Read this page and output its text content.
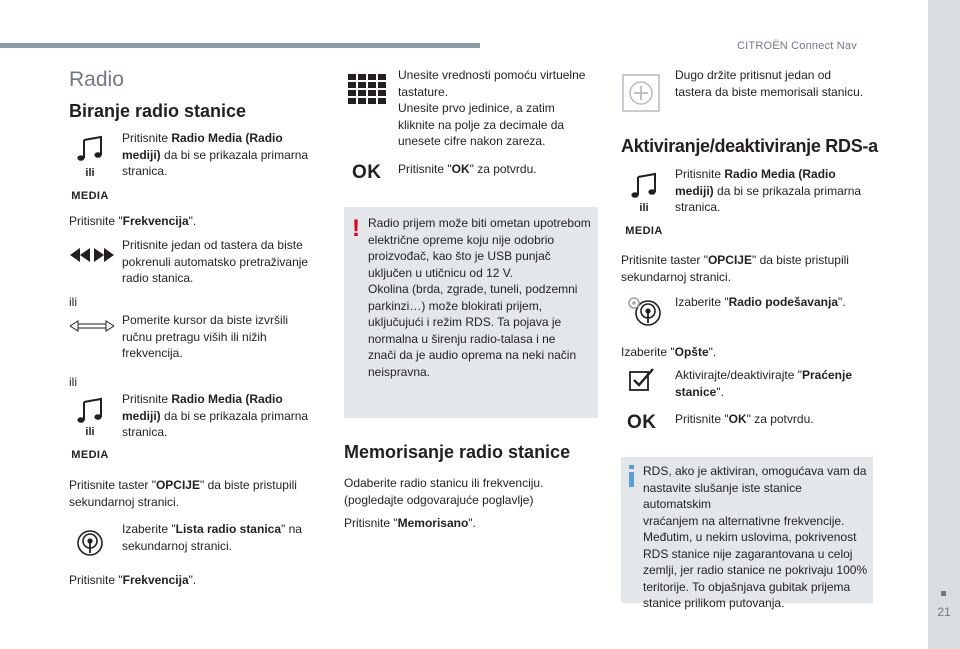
CITROËN Connect Nav
21
Radio
Biranje radio stanice
ili
MEDIA
Pritisnite Radio Media (Radio
mediji) da bi se prikazala primarna
stranica.
Pritisnite "Frekvencija".
Pritisnite jedan od tastera da biste
pokrenuli automatsko pretraživanje
radio stanica.
ili
Pomerite kursor da biste izvršili
ručnu pretragu viših ili nižih
frekvencija.
ili
ili
MEDIA
Pritisnite Radio Media (Radio
mediji) da bi se prikazala primarna
stranica.
Pritisnite taster "OPCIJE" da biste pristupili
sekundarnoj stranici.
Izaberite "Lista radio stanica" na
sekundarnoj stranici.
Pritisnite "Frekvencija".
Unesite vrednosti pomoću virtuelne
tastature.
Unesite prvo jedinice, a zatim
kliknite na polje za decimale da
unesete cifre nakon zareza.
OK Pritisnite "OK" za potvrdu.
! Radio prijem može biti ometan upotrebom
električne opreme koju nije odobrio
proizvođač, kao što je USB punjač
uključen u utičnicu od 12 V.
Okolina (brda, zgrade, tuneli, podzemni
parkinzi…) može blokirati prijem,
uključujući i režim RDS. Ta pojava je
normalna u širenju radio-talasa i ne
znači da je audio oprema na neki način
neispravna.
Memorisanje radio stanice
Odaberite radio stanicu ili frekvenciju.
(pogledajte odgovarajuće poglavlje)
Pritisnite "Memorisano".
Dugo držite pritisnut jedan od
tastera da biste memorisali stanicu.
Aktiviranje/deaktiviranje RDS-a
ili
MEDIA
Pritisnite Radio Media (Radio
mediji) da bi se prikazala primarna
stranica.
Pritisnite taster "OPCIJE" da biste pristupili
sekundarnoj stranici.
Izaberite "Radio podešavanja".
Izaberite "Opšte".
Aktivirajte/deaktivirajte "Praćenje
stanice".
OK Pritisnite "OK" za potvrdu.
RDS, ako je aktiviran, omogućava vam da
nastavite slušanje iste stanice automatskim
vraćanjem na alternativne frekvencije.
Međutim, u nekim uslovima, pokrivenost
RDS stanice nije zagarantovana u celoj
zemlji, jer radio stanice ne pokrivaju 100%
teritorije. To objašnjava gubitak prijema
stanice prilikom putovanja.
